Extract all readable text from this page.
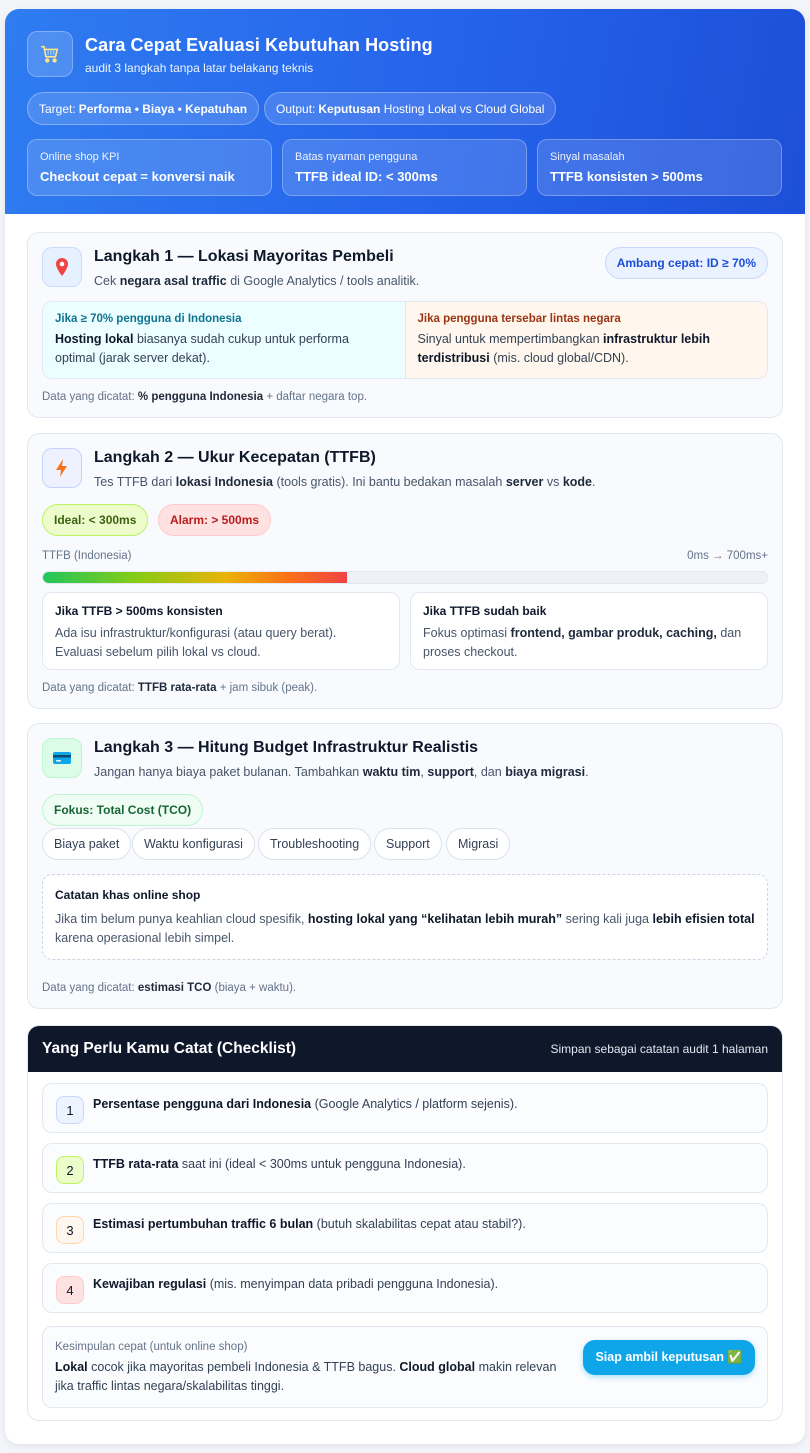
Cara Cepat Evaluasi Kebutuhan Hosting
audit 3 langkah tanpa latar belakang teknis
Target: Performa • Biaya • Kepatuhan Output: Keputusan
Hosting Lokal vs Cloud Global
Online shop KPI
Checkout cepat = konversi naik
Batas nyaman pengguna
TTFB ideal ID: < 300ms
Sinyal masalah
TTFB konsisten > 500ms
Langkah 1 — Lokasi Mayoritas Pembeli
Cek negara asal traffic di Google Analytics / tools analitik.
Ambang cepat: ID ≥ 70%
Jika ≥ 70% pengguna di Indonesia

Hosting lokal biasanya sudah cukup untuk performa optimal (jarak server dekat).

Jika pengguna tersebar lintas negara

Sinyal untuk mempertimbangkan infrastruktur lebih terdistribusi (mis. cloud global/CDN).

Data yang dicatat: % pengguna Indonesia + daftar negara top.
Langkah 2 — Ukur Kecepatan (TTFB)
Tes TTFB dari lokasi Indonesia (tools gratis). Ini bantu bedakan masalah server vs kode.
Ideal: < 300ms	Alarm: > 500ms
TTFB (Indonesia)	0ms → 700ms+
Jika TTFB > 500ms konsisten

Ada isu infrastruktur/konfigurasi (atau query berat). Evaluasi sebelum pilih lokal vs cloud.

Jika TTFB sudah baik

Fokus optimasi frontend, gambar produk, caching, dan proses checkout.

Data yang dicatat: TTFB rata-rata + jam sibuk (peak).
Langkah 3 — Hitung Budget Infrastruktur Realistis
Jangan hanya biaya paket bulanan. Tambahkan waktu tim, support, dan biaya migrasi.
Fokus: Total Cost (TCO)
Biaya paket	Waktu konfigurasi	Troubleshooting	Support	Migrasi
Catatan khas online shop

Jika tim belum punya keahlian cloud spesifik, hosting lokal yang “kelihatan lebih murah” sering kali juga lebih efisien total karena operasional lebih simpel.

Data yang dicatat: estimasi TCO (biaya + waktu).
Yang Perlu Kamu Catat (Checklist)	Simpan sebagai catatan audit 1 halaman
1	Persentase pengguna dari Indonesia (Google Analytics / platform sejenis).
2	TTFB rata-rata saat ini (ideal < 300ms untuk pengguna Indonesia).
3	Estimasi pertumbuhan traffic 6 bulan (butuh skalabilitas cepat atau stabil?).
4	Kewajiban regulasi (mis. menyimpan data pribadi pengguna Indonesia).
Kesimpulan cepat (untuk online shop)
Lokal cocok jika mayoritas pembeli Indonesia & TTFB bagus. Cloud global makin relevan jika traffic lintas negara/skalabilitas tinggi.
Siap ambil keputusan ✅
